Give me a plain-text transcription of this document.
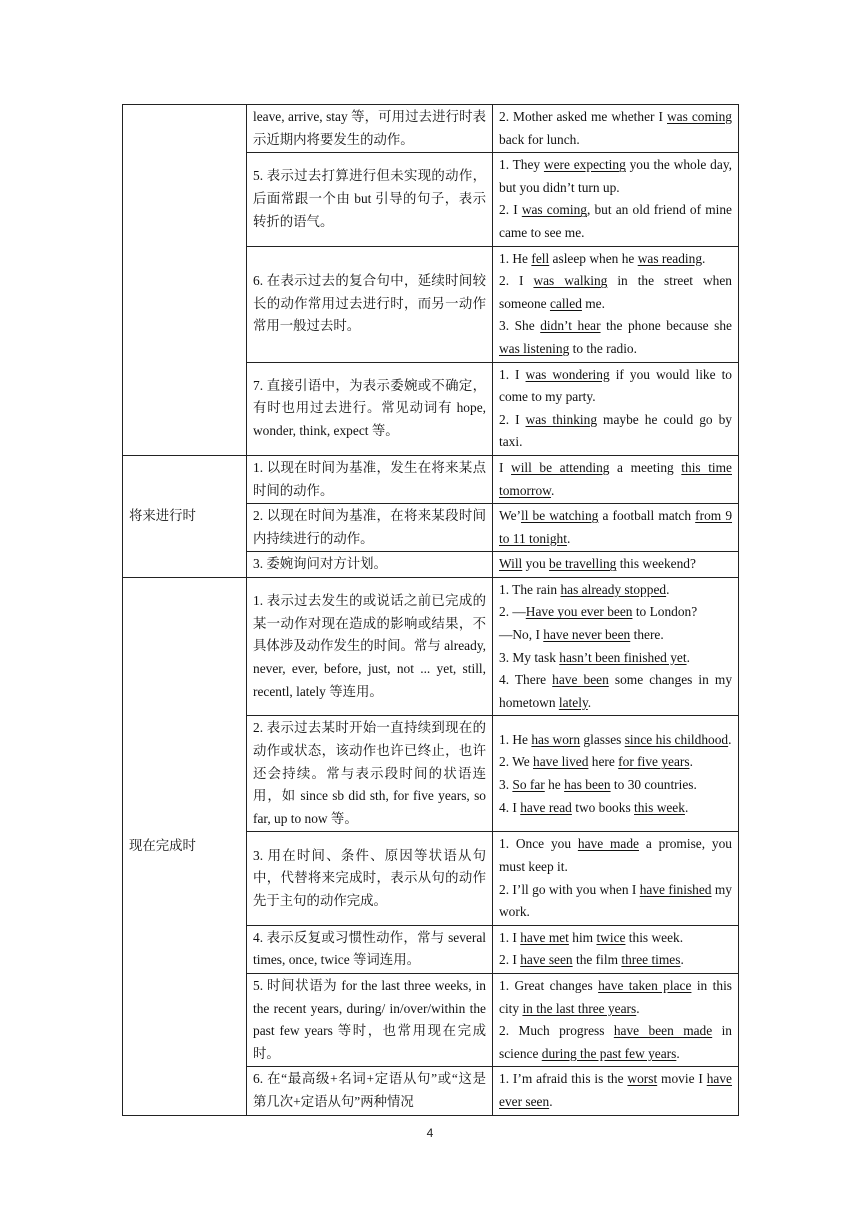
	leave, arrive, stay 等，可用过去进行时表示近期内将要发生的动作。	2. Mother asked me whether I was coming back for lunch.

	5. 表示过去打算进行但未实现的动作，后面常跟一个由 but 引导的句子，表示转折的语气。	1. They were expecting you the whole day, but you didn’t turn up.
2. I was coming, but an old friend of mine came to see me.

	6. 在表示过去的复合句中，延续时间较长的动作常用过去进行时，而另一动作常用一般过去时。	1. He fell asleep when he was reading.
2. I was walking in the street when someone called me.
3. She didn’t hear the phone because she was listening to the radio.

	7. 直接引语中，为表示委婉或不确定，有时也用过去进行。常见动词有 hope, wonder, think, expect 等。	1. I was wondering if you would like to come to my party.
2. I was thinking maybe he could go by taxi.

将来进行时	1. 以现在时间为基准，发生在将来某点时间的动作。	I will be attending a meeting this time tomorrow.

	2. 以现在时间为基准，在将来某段时间内持续进行的动作。	We’ll be watching a football match from 9 to 11 tonight.

	3. 委婉询问对方计划。	Will you be travelling this weekend?

现在完成时	1. 表示过去发生的或说话之前已完成的某一动作对现在造成的影响或结果，不具体涉及动作发生的时间。常与 already, never, ever, before, just, not ... yet, still, recentl, lately 等连用。	1. The rain has already stopped.
2. —Have you ever been to London?
—No, I have never been there.
3. My task hasn’t been finished yet.
4. There have been some changes in my hometown lately.

	2. 表示过去某时开始一直持续到现在的动作或状态，该动作也许已终止，也许还会持续。常与表示段时间的状语连用，如 since sb did sth, for five years, so far, up to now 等。	1. He has worn glasses since his childhood.
2. We have lived here for five years.
3. So far he has been to 30 countries.
4. I have read two books this week.

	3. 用在时间、条件、原因等状语从句中，代替将来完成时，表示从句的动作先于主句的动作完成。	1. Once you have made a promise, you must keep it.
2. I’ll go with you when I have finished my work.

	4. 表示反复或习惯性动作，常与 several times, once, twice 等词连用。	1. I have met him twice this week.
2. I have seen the film three times.

	5. 时间状语为 for the last three weeks, in the recent years, during/ in/over/within the past few years 等时，也常用现在完成时。	1. Great changes have taken place in this city in the last three years.
2. Much progress have been made in science during the past few years.

	6. 在“最高级+名词+定语从句”或“这是第几次+定语从句”两种情况	1. I’m afraid this is the worst movie I have ever seen.
4
